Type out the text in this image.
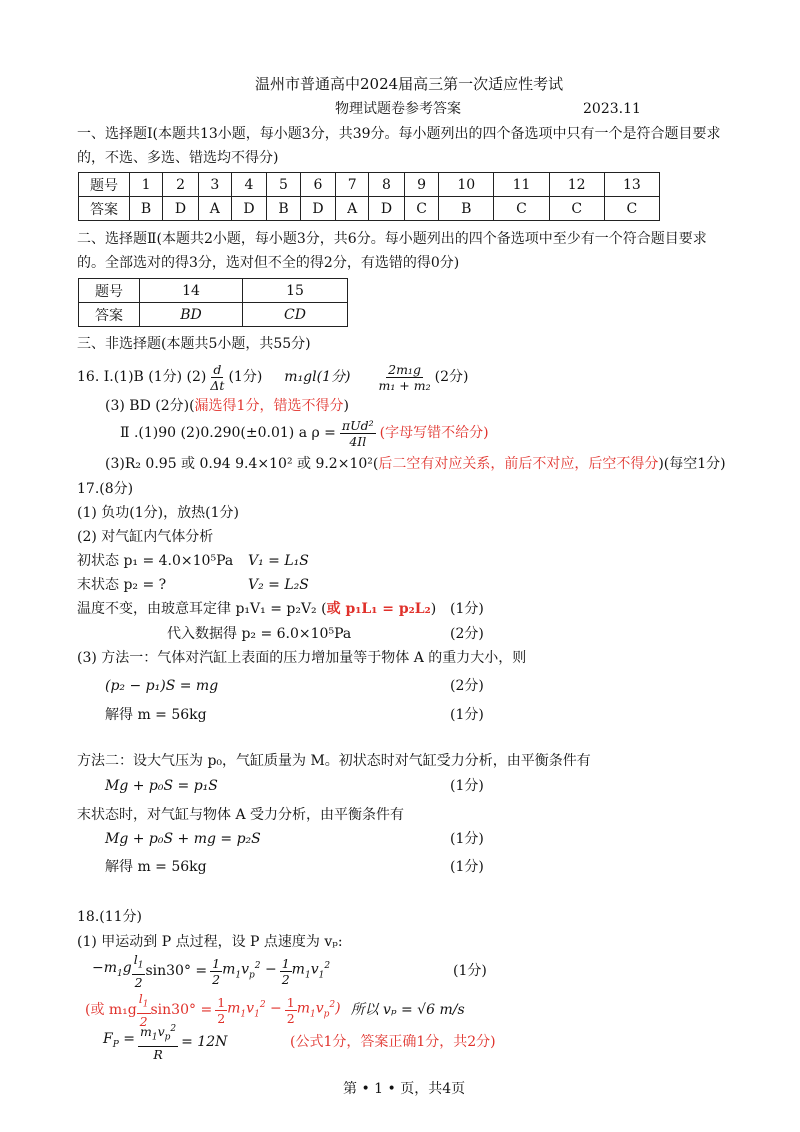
温州市普通高中2024届高三第一次适应性考试
物理试题卷参考答案	2023.11
一、选择题Ⅰ(本题共13小题，每小题3分，共39分。每小题列出的四个备选项中只有一个是符合题目要求
的，不选、多选、错选均不得分)
题号	1	2	3	4	5	6	7	8	9	10	11	12	13
答案	B	D	A	D	B	D	A	D	C	B	C	C	C
二、选择题Ⅱ(本题共2小题，每小题3分，共6分。每小题列出的四个备选项中至少有一个符合题目要求
的。全部选对的得3分，选对但不全的得2分，有选错的得0分)
题号	14	15
答案	BD	CD
三、非选择题(本题共5小题，共55分)
16. I.(1)B (1分) $(2) \frac{d}{\Delta t} (1$分) m₁gl(1分) $\frac{\text{2m₁g}}{\text{m₁ + m₂}} (2$分)
(3) BD (2分)(漏选得1分，错选不得分)
Ⅱ .(1)90 (2)0.290(±0.01) a $\rho = \frac{\text{πUd²}}{4Il}$ (字母写错不给分)
(3)R₂ 0.95 或 0.94 9.4×10² 或 9.2×10²(后二空有对应关系，前后不对应，后空不得分)(每空1分)
17.(8分)
(1) 负功(1分)，放热(1分)
(2) 对气缸内气体分析
初状态 p₁ = 4.0×10⁵Pa V₁ = L₁S
末状态 p₂ = ?	V₂ = L₂S
温度不变，由玻意耳定律 p₁V₁ = p₂V₂ (或 p₁L₁ = p₂L₂) (1分)
代入数据得 p₂ = 6.0×10⁵Pa	(2分)
(3) 方法一：气体对汽缸上表面的压力增加量等于物体 A 的重力大小，则
(p₂ − p₁)S = mg	(2分)
解得 m = 56kg	(1分)
方法二：设大气压为 p₀，气缸质量为 M。初状态时对气缸受力分析，由平衡条件有
Mg + p₀S = p₁S	(1分)
末状态时，对气缸与物体 A 受力分析，由平衡条件有
Mg + p₀S + mg = p₂S	(1分)
解得 m = 56kg	(1分)
18.(11分)
(1) 甲运动到 P 点过程，设 P 点速度为 vₚ:
$-m_1g \frac{l_1}{2} \sin 30^\circ = \frac{1}{2} m_1v_p^2 - \frac{1}{2} m_1v_1^2$	(1分)
(或 $m_1g \frac{l_1}{2} \sin 30^\circ = \frac{1}{2} m_1v_1^2 - \frac{1}{2} m_1v_p^2$) 所以 vₚ = √6 m/s
$F_P = \frac{m_1v_p^2}{R} = 12N$	(公式1分，答案正确1分，共2分)
第 • 1 • 页，共4页
